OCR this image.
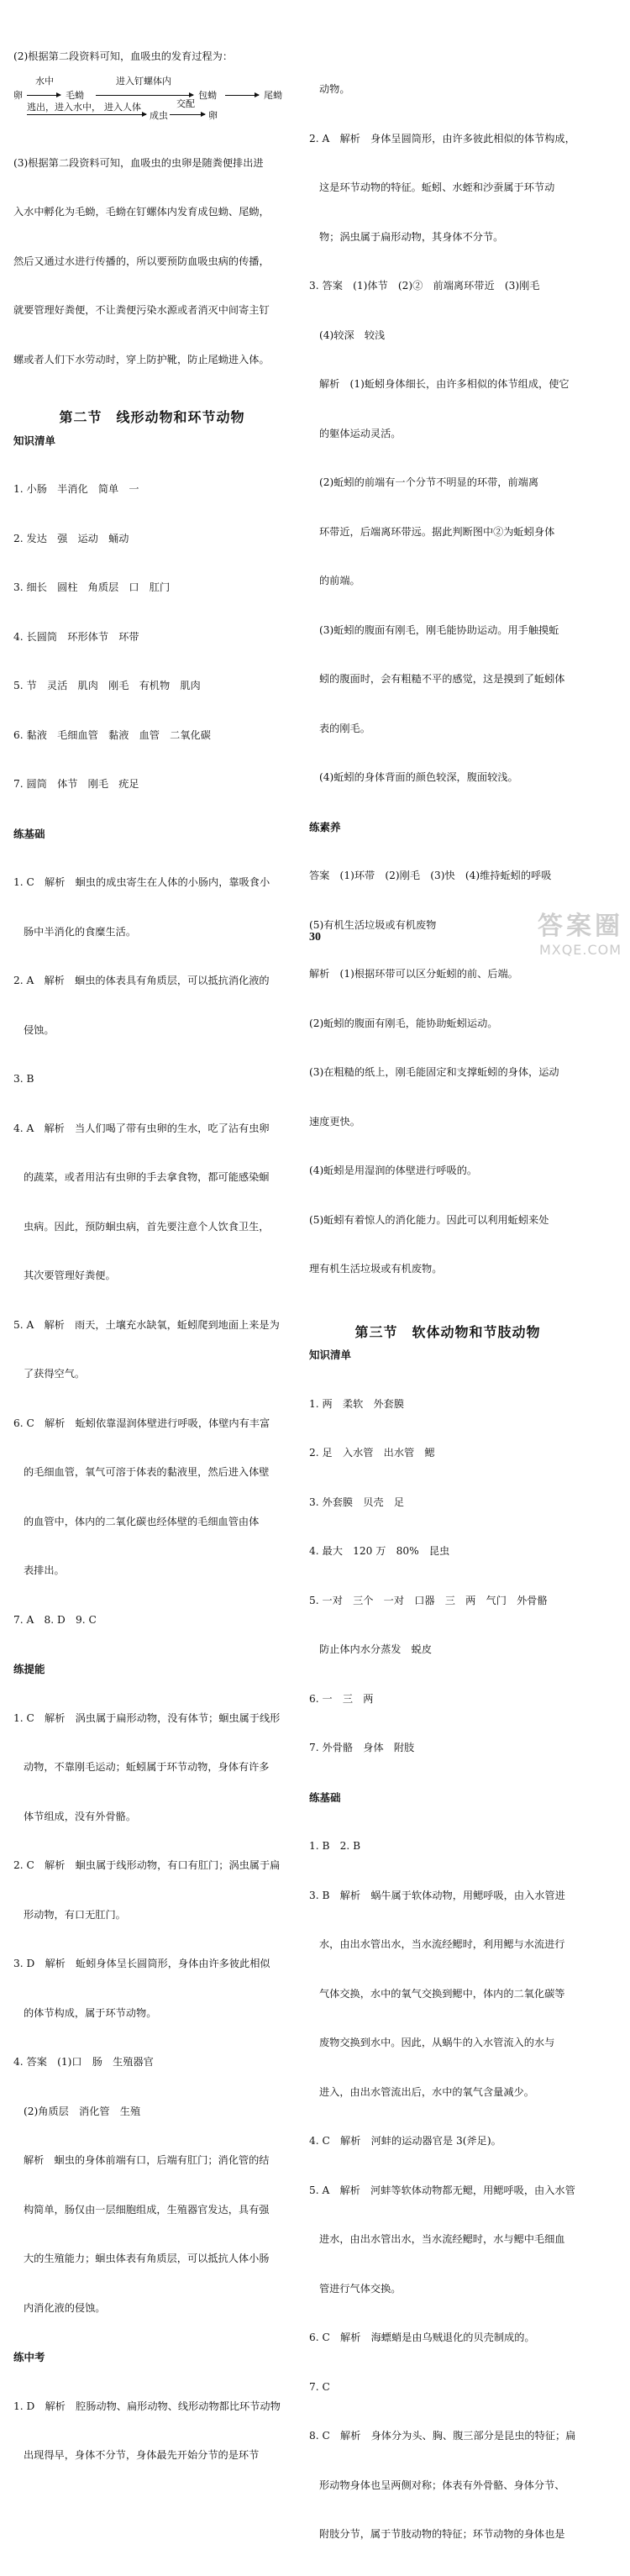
(2)根据第二段资料可知，血吸虫的发育过程为：

卵

水中

毛蚴

进入钉螺体内

包蚴

	尾蚴

逃出，进入水中，

进入人体

成虫

交配

卵

(3)根据第二段资料可知，血吸虫的虫卵是随粪便排出进

入水中孵化为毛蚴，毛蚴在钉螺体内发育成包蚴、尾蚴，

然后又通过水进行传播的，所以要预防血吸虫病的传播，

就要管理好粪便，不让粪便污染水源或者消灭中间寄主钉

螺或者人们下水劳动时，穿上防护靴，防止尾蚴进入体。

第二节　线形动物和环节动物
知识清单

1. 小肠　半消化　简单　一

2. 发达　强　运动　蛹动

3. 细长　圆柱　角质层　口　肛门

4. 长圆筒　环形体节　环带

5. 节　灵活　肌肉　刚毛　有机物　肌肉

6. 黏液　毛细血管　黏液　血管　二氧化碳

7. 圆筒　体节　刚毛　疣足

练基础

1. C　解析　蛔虫的成虫寄生在人体的小肠内，靠吸食小

肠中半消化的食糜生活。

2. A　解析　蛔虫的体表具有角质层，可以抵抗消化液的

侵蚀。

3. B

4. A　解析　当人们喝了带有虫卵的生水，吃了沾有虫卵

的蔬菜，或者用沾有虫卵的手去拿食物，都可能感染蛔

虫病。因此，预防蛔虫病，首先要注意个人饮食卫生，

其次要管理好粪便。

5. A　解析　雨天，土壤充水缺氧，蚯蚓爬到地面上来是为

了获得空气。

6. C　解析　蚯蚓依靠湿润体壁进行呼吸，体壁内有丰富

的毛细血管，氧气可溶于体表的黏液里，然后进入体壁

的血管中，体内的二氧化碳也经体壁的毛细血管由体

表排出。

7. A　8. D　9. C

练提能

1. C　解析　涡虫属于扁形动物，没有体节；蛔虫属于线形

动物，不靠刚毛运动；蚯蚓属于环节动物，身体有许多

体节组成，没有外骨骼。

2. C　解析　蛔虫属于线形动物，有口有肛门；涡虫属于扁

形动物，有口无肛门。

3. D　解析　蚯蚓身体呈长圆筒形，身体由许多彼此相似

的体节构成，属于环节动物。

4. 答案　(1)口　肠　生殖器官

(2)角质层　消化管　生殖

解析　蛔虫的身体前端有口，后端有肛门；消化管的结

构简单，肠仅由一层细胞组成，生殖器官发达，具有强

大的生殖能力；蛔虫体表有角质层，可以抵抗人体小肠

内消化液的侵蚀。

练中考

1. D　解析　腔肠动物、扁形动物、线形动物都比环节动物

出现得早，身体不分节，身体最先开始分节的是环节

动物。

2. A　解析　身体呈圆筒形，由许多彼此相似的体节构成，

这是环节动物的特征。蚯蚓、水蛭和沙蚕属于环节动

物；涡虫属于扁形动物，其身体不分节。

3. 答案　(1)体节　(2)②　前端离环带近　(3)刚毛

(4)较深　较浅

解析　(1)蚯蚓身体细长，由许多相似的体节组成，使它

的躯体运动灵活。

(2)蚯蚓的前端有一个分节不明显的环带，前端离

环带近，后端离环带远。据此判断图中②为蚯蚓身体

的前端。

(3)蚯蚓的腹面有刚毛，刚毛能协助运动。用手触摸蚯

蚓的腹面时，会有粗糙不平的感觉，这是摸到了蚯蚓体

表的刚毛。

(4)蚯蚓的身体背面的颜色较深，腹面较浅。

练素养

答案　(1)环带　(2)刚毛　(3)快　(4)维持蚯蚓的呼吸

(5)有机生活垃圾或有机废物

解析　(1)根据环带可以区分蚯蚓的前、后端。

(2)蚯蚓的腹面有刚毛，能协助蚯蚓运动。

(3)在粗糙的纸上，刚毛能固定和支撑蚯蚓的身体，运动

速度更快。

(4)蚯蚓是用湿润的体壁进行呼吸的。

(5)蚯蚓有着惊人的消化能力。因此可以利用蚯蚓来处

理有机生活垃圾或有机废物。

第三节　软体动物和节肢动物
知识清单

1. 两　柔软　外套膜

2. 足　入水管　出水管　鳃

3. 外套膜　贝壳　足

4. 最大　120 万　80%　昆虫

5. 一对　三个　一对　口器　三　两　气门　外骨骼

防止体内水分蒸发　蜕皮

6. 一　三　两

7. 外骨骼　身体　附肢

练基础

1. B　2. B

3. B　解析　蜗牛属于软体动物，用鳃呼吸，由入水管进

水，由出水管出水，当水流经鳃时，利用鳃与水流进行

气体交换，水中的氧气交换到鳃中，体内的二氧化碳等

废物交换到水中。因此，从蜗牛的入水管流入的水与

进入，由出水管流出后，水中的氧气含量减少。

4. C　解析　河蚌的运动器官是 3(斧足)。

5. A　解析　河蚌等软体动物都无鳃，用鳃呼吸，由入水管

进水，由出水管出水，当水流经鳃时，水与鳃中毛细血

管进行气体交换。

6. C　解析　海螵蛸是由乌贼退化的贝壳制成的。

7. C

8. C　解析　身体分为头、胸、腹三部分是昆虫的特征；扁

形动物身体也呈两侧对称；体表有外骨骼、身体分节、

附肢分节，属于节肢动物的特征；环节动物的身体也是

30	答案圈
MXQE.COM
